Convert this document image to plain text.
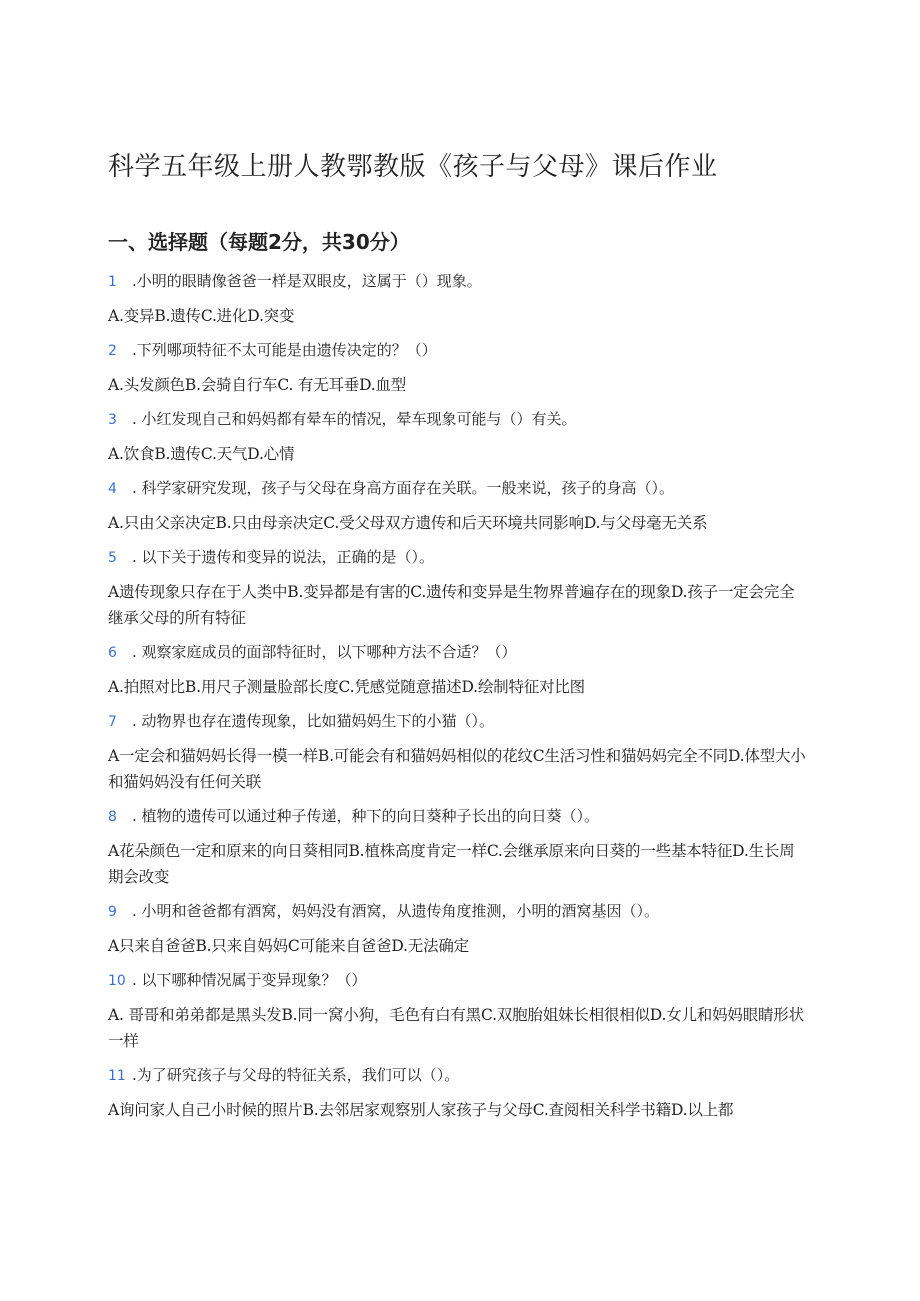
科学五年级上册人教鄂教版《孩子与父母》课后作业
一、选择题（每题2分，共30分）
1 .小明的眼睛像爸爸一样是双眼皮，这属于（）现象。
A.变异B.遗传C.进化D.突变
2 .下列哪项特征不太可能是由遗传决定的？（）
A.头发颜色B.会骑自行车C. 有无耳垂D.血型
3 . 小红发现自己和妈妈都有晕车的情况，晕车现象可能与（）有关。
A.饮食B.遗传C.天气D.心情
4 . 科学家研究发现，孩子与父母在身高方面存在关联。一般来说，孩子的身高（）。
A.只由父亲决定B.只由母亲决定C.受父母双方遗传和后天环境共同影响D.与父母毫无关系
5 . 以下关于遗传和变异的说法，正确的是（）。
A遗传现象只存在于人类中B.变异都是有害的C.遗传和变异是生物界普遍存在的现象D.孩子一定会完全继承父母的所有特征
6 . 观察家庭成员的面部特征时，以下哪种方法不合适？（）
A.拍照对比B.用尺子测量脸部长度C.凭感觉随意描述D.绘制特征对比图
7 . 动物界也存在遗传现象，比如猫妈妈生下的小猫（）。
A一定会和猫妈妈长得一模一样B.可能会有和猫妈妈相似的花纹C生活习性和猫妈妈完全不同D.体型大小和猫妈妈没有任何关联
8 . 植物的遗传可以通过种子传递，种下的向日葵种子长出的向日葵（）。
A花朵颜色一定和原来的向日葵相同B.植株高度肯定一样C.会继承原来向日葵的一些基本特征D.生长周期会改变
9 . 小明和爸爸都有酒窝，妈妈没有酒窝，从遗传角度推测，小明的酒窝基因（）。
A只来自爸爸B.只来自妈妈C可能来自爸爸D.无法确定
10 . 以下哪种情况属于变异现象？（）
A. 哥哥和弟弟都是黑头发B.同一窝小狗，毛色有白有黑C.双胞胎姐妹长相很相似D.女儿和妈妈眼睛形状一样
11 .为了研究孩子与父母的特征关系，我们可以（）。
A询问家人自己小时候的照片B.去邻居家观察别人家孩子与父母C.查阅相关科学书籍D.以上都
